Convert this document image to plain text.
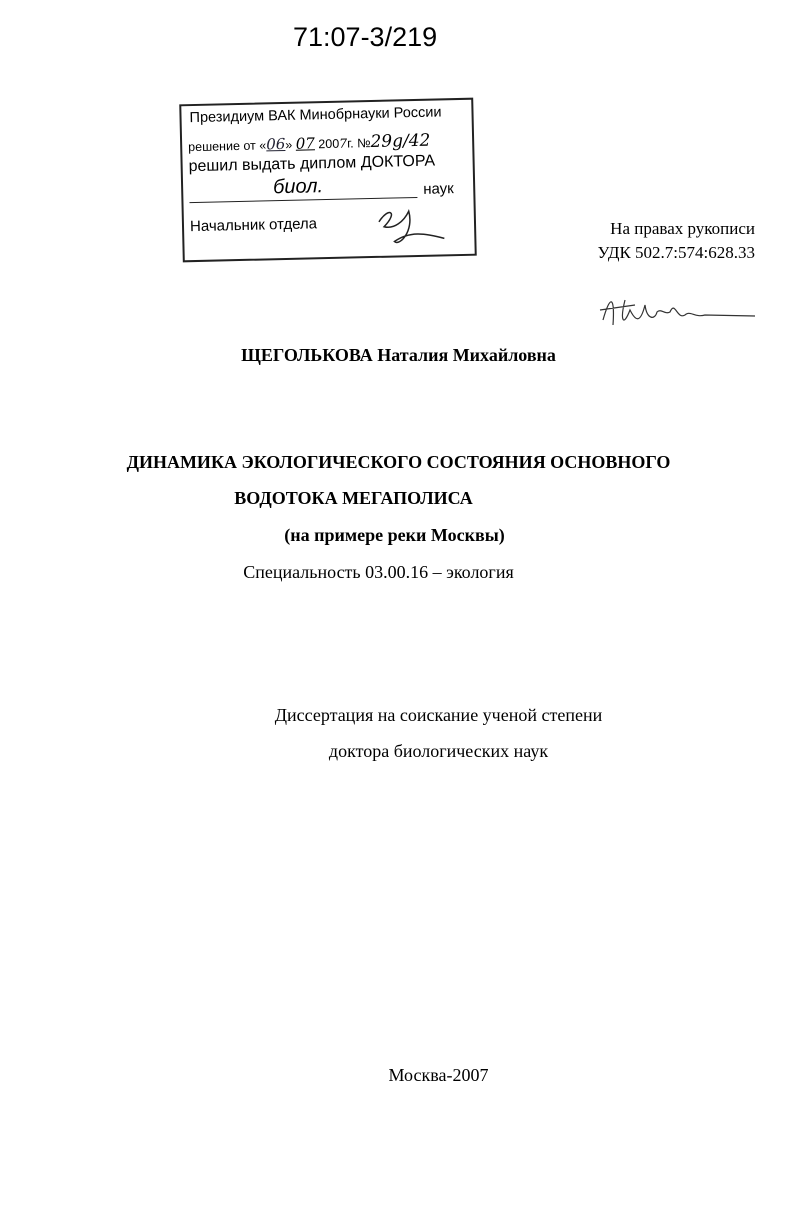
71:07-3/219
Президиум ВАК Минобрнауки России
решение от «06» 07 2007г. №29g/42
решил выдать диплом ДОКТОРА
биол.	наук
Начальник отдела	На правах рукописи
УДК 502.7:574:628.33
ЩЕГОЛЬКОВА Наталия Михайловна
ДИНАМИКА ЭКОЛОГИЧЕСКОГО СОСТОЯНИЯ ОСНОВНОГО
ВОДОТОКА МЕГАПОЛИСА
(на примере реки Москвы)
Специальность 03.00.16 – экология
Диссертация на соискание ученой степени
доктора биологических наук
Москва-2007
